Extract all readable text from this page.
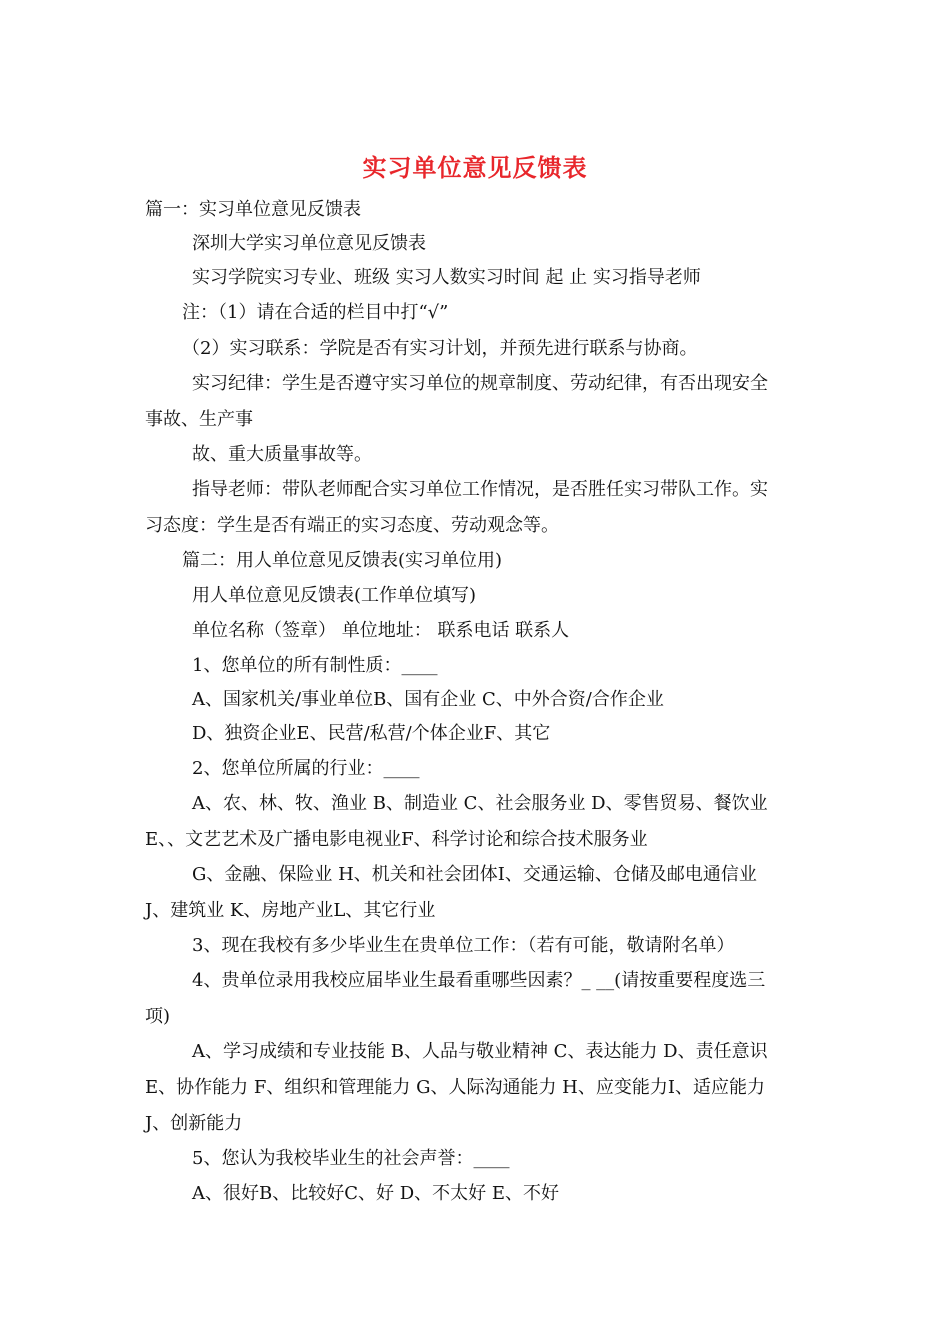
实习单位意见反馈表
篇一：实习单位意见反馈表
深圳大学实习单位意见反馈表
实习学院实习专业、班级 实习人数实习时间 起 止 实习指导老师
注：（1）请在合适的栏目中打“√”
（2）实习联系：学院是否有实习计划，并预先进行联系与协商。
实习纪律：学生是否遵守实习单位的规章制度、劳动纪律，有否出现安全
事故、生产事
故、重大质量事故等。
指导老师：带队老师配合实习单位工作情况，是否胜任实习带队工作。实
习态度：学生是否有端正的实习态度、劳动观念等。
篇二：用人单位意见反馈表(实习单位用)
用人单位意见反馈表(工作单位填写)
单位名称（签章） 单位地址： 联系电话 联系人
1、您单位的所有制性质：____
A、国家机关/事业单位B、国有企业 C、中外合资/合作企业
D、独资企业E、民营/私营/个体企业F、其它
2、您单位所属的行业：____
A、农、林、牧、渔业 B、制造业 C、社会服务业 D、零售贸易、餐饮业
E、、文艺艺术及广播电影电视业F、科学讨论和综合技术服务业
G、金融、保险业 H、机关和社会团体I、交通运输、仓储及邮电通信业
J、建筑业 K、房地产业L、其它行业
3、现在我校有多少毕业生在贵单位工作：（若有可能，敬请附名单）
4、贵单位录用我校应届毕业生最看重哪些因素？_ __(请按重要程度选三
项)
A、学习成绩和专业技能 B、人品与敬业精神 C、表达能力 D、责任意识
E、协作能力 F、组织和管理能力 G、人际沟通能力 H、应变能力I、适应能力
J、创新能力
5、您认为我校毕业生的社会声誉：____
A、很好B、比较好C、好 D、不太好 E、不好
